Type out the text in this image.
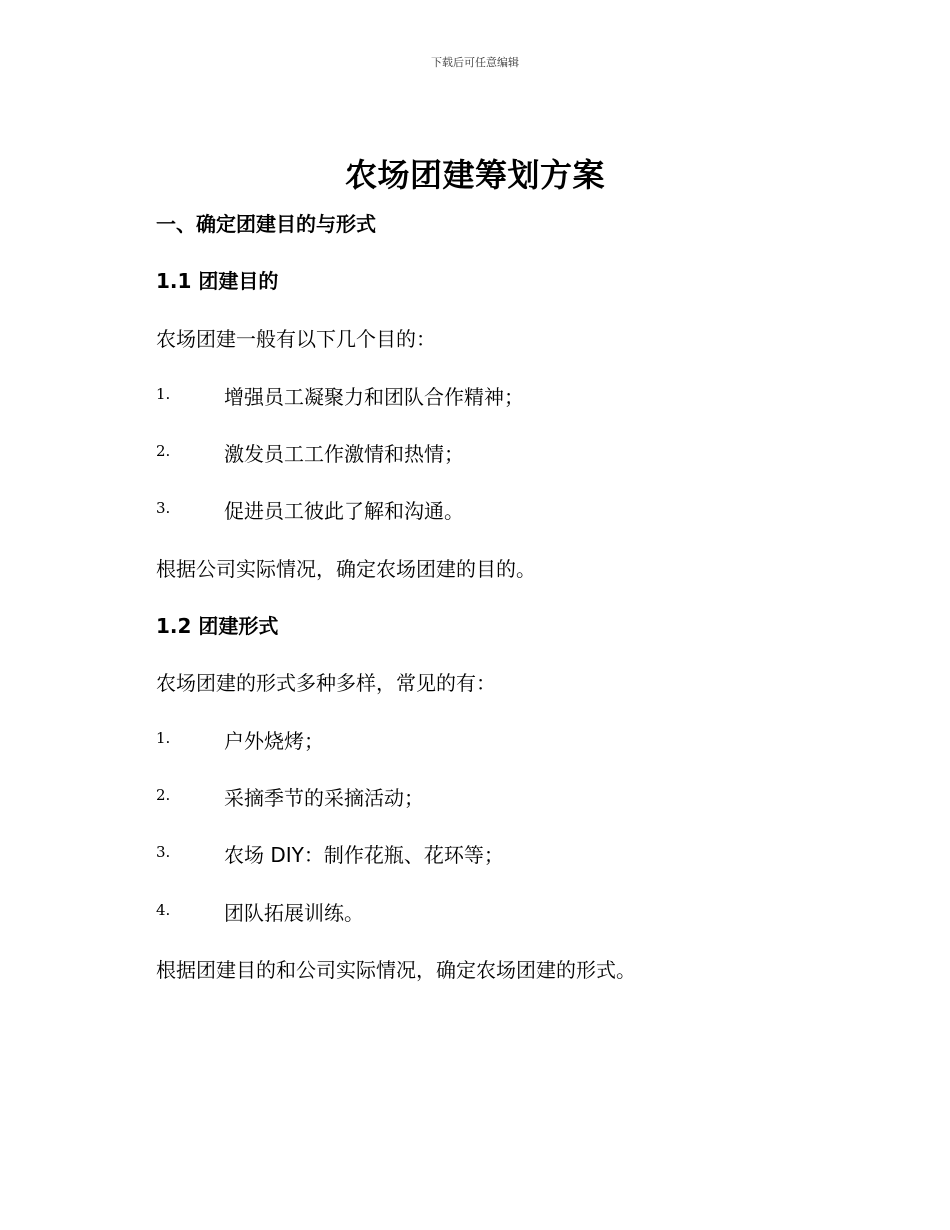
下载后可任意编辑
农场团建筹划方案
一、确定团建目的与形式
1.1 团建目的
农场团建一般有以下几个目的：
1.	增强员工凝聚力和团队合作精神；
2.	激发员工工作激情和热情；
3.	促进员工彼此了解和沟通。
根据公司实际情况，确定农场团建的目的。
1.2 团建形式
农场团建的形式多种多样，常见的有：
1.	户外烧烤；
2.	采摘季节的采摘活动；
3.	农场 DIY：制作花瓶、花环等；
4.	团队拓展训练。
根据团建目的和公司实际情况，确定农场团建的形式。
